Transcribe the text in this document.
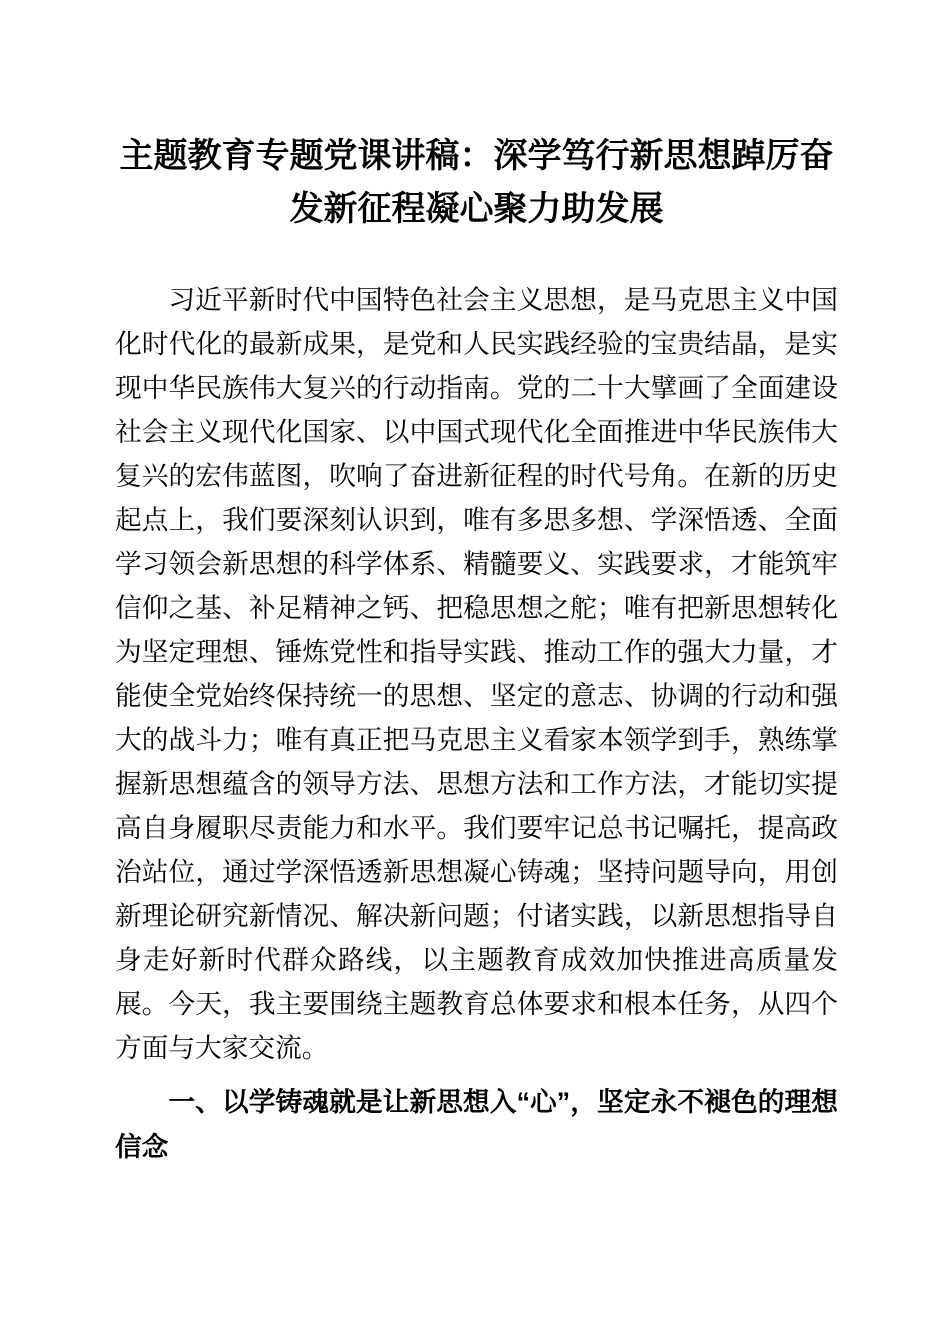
主题教育专题党课讲稿：深学笃行新思想踔厉奋发新征程凝心聚力助发展

习近平新时代中国特色社会主义思想，是马克思主义中国化时代化的最新成果，是党和人民实践经验的宝贵结晶，是实现中华民族伟大复兴的行动指南。党的二十大擘画了全面建设社会主义现代化国家、以中国式现代化全面推进中华民族伟大复兴的宏伟蓝图，吹响了奋进新征程的时代号角。在新的历史起点上，我们要深刻认识到，唯有多思多想、学深悟透、全面学习领会新思想的科学体系、精髓要义、实践要求，才能筑牢信仰之基、补足精神之钙、把稳思想之舵；唯有把新思想转化为坚定理想、锤炼党性和指导实践、推动工作的强大力量，才能使全党始终保持统一的思想、坚定的意志、协调的行动和强大的战斗力；唯有真正把马克思主义看家本领学到手，熟练掌握新思想蕴含的领导方法、思想方法和工作方法，才能切实提高自身履职尽责能力和水平。我们要牢记总书记嘱托，提高政治站位，通过学深悟透新思想凝心铸魂；坚持问题导向，用创新理论研究新情况、解决新问题；付诸实践，以新思想指导自身走好新时代群众路线，以主题教育成效加快推进高质量发展。今天，我主要围绕主题教育总体要求和根本任务，从四个方面与大家交流。

一、以学铸魂就是让新思想入“心”，坚定永不褪色的理想信念
